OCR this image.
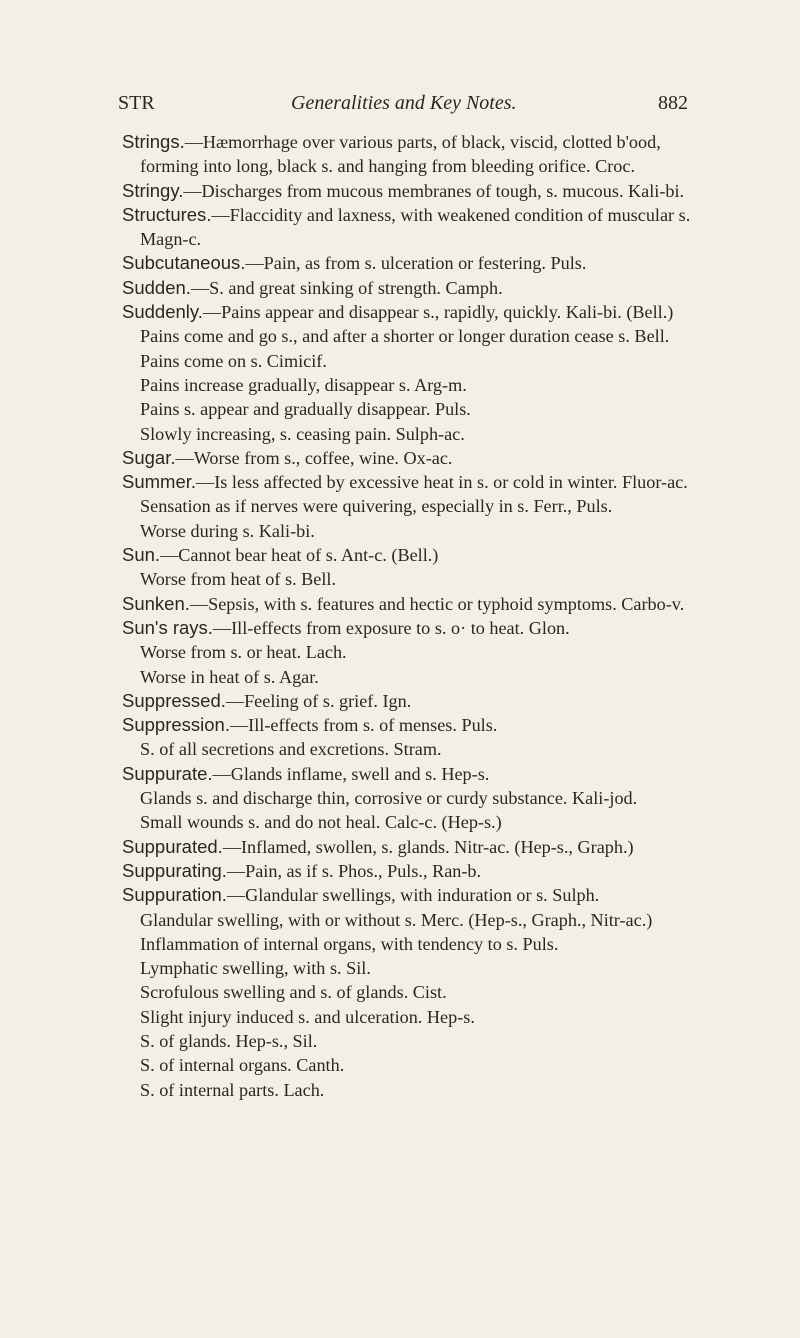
STR	Generalities and Key Notes.	882
Strings.—Hæmorrhage over various parts, of black, viscid, clotted b'ood, forming into long, black s. and hanging from bleeding orifice. Croc.
Stringy.—Discharges from mucous membranes of tough, s. mucous. Kali-bi.
Structures.—Flaccidity and laxness, with weakened condition of muscular s. Magn-c.
Subcutaneous.—Pain, as from s. ulceration or festering. Puls.
Sudden.—S. and great sinking of strength. Camph.
Suddenly.—Pains appear and disappear s., rapidly, quickly. Kali-bi. (Bell.)
Pains come and go s., and after a shorter or longer duration cease s. Bell.
Pains come on s. Cimicif.
Pains increase gradually, disappear s. Arg-m.
Pains s. appear and gradually disappear. Puls.
Slowly increasing, s. ceasing pain. Sulph-ac.
Sugar.—Worse from s., coffee, wine. Ox-ac.
Summer.—Is less affected by excessive heat in s. or cold in winter. Fluor-ac.
Sensation as if nerves were quivering, especially in s. Ferr., Puls.
Worse during s. Kali-bi.
Sun.—Cannot bear heat of s. Ant-c. (Bell.)
Worse from heat of s. Bell.
Sunken.—Sepsis, with s. features and hectic or typhoid symptoms. Carbo-v.
Sun's rays.—Ill-effects from exposure to s. o· to heat. Glon.
Worse from s. or heat. Lach.
Worse in heat of s. Agar.
Suppressed.—Feeling of s. grief. Ign.
Suppression.—Ill-effects from s. of menses. Puls.
S. of all secretions and excretions. Stram.
Suppurate.—Glands inflame, swell and s. Hep-s.
Glands s. and discharge thin, corrosive or curdy substance. Kali-jod.
Small wounds s. and do not heal. Calc-c. (Hep-s.)
Suppurated.—Inflamed, swollen, s. glands. Nitr-ac. (Hep-s., Graph.)
Suppurating.—Pain, as if s. Phos., Puls., Ran-b.
Suppuration.—Glandular swellings, with induration or s. Sulph.
Glandular swelling, with or without s. Merc. (Hep-s., Graph., Nitr-ac.)
Inflammation of internal organs, with tendency to s. Puls.
Lymphatic swelling, with s. Sil.
Scrofulous swelling and s. of glands. Cist.
Slight injury induced s. and ulceration. Hep-s.
S. of glands. Hep-s., Sil.
S. of internal organs. Canth.
S. of internal parts. Lach.
